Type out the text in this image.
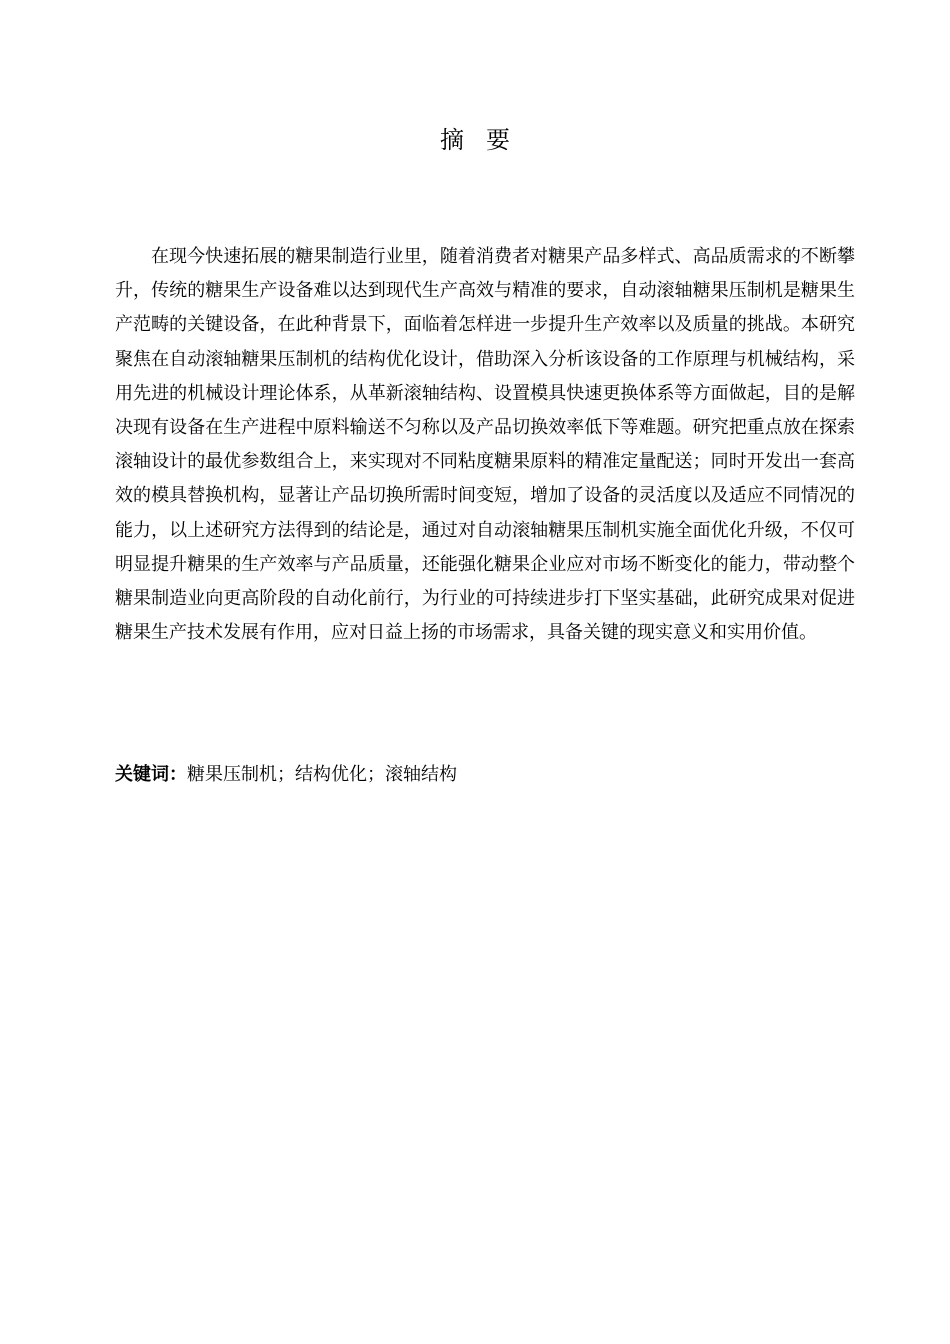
摘 要

在现今快速拓展的糖果制造行业里，随着消费者对糖果产品多样式、高品质需求的不断攀升，传统的糖果生产设备难以达到现代生产高效与精准的要求，自动滚轴糖果压制机是糖果生产范畴的关键设备，在此种背景下，面临着怎样进一步提升生产效率以及质量的挑战。本研究聚焦在自动滚轴糖果压制机的结构优化设计，借助深入分析该设备的工作原理与机械结构，采用先进的机械设计理论体系，从革新滚轴结构、设置模具快速更换体系等方面做起，目的是解决现有设备在生产进程中原料输送不匀称以及产品切换效率低下等难题。研究把重点放在探索滚轴设计的最优参数组合上，来实现对不同粘度糖果原料的精准定量配送；同时开发出一套高效的模具替换机构，显著让产品切换所需时间变短，增加了设备的灵活度以及适应不同情况的能力，以上述研究方法得到的结论是，通过对自动滚轴糖果压制机实施全面优化升级，不仅可明显提升糖果的生产效率与产品质量，还能强化糖果企业应对市场不断变化的能力，带动整个糖果制造业向更高阶段的自动化前行，为行业的可持续进步打下坚实基础，此研究成果对促进糖果生产技术发展有作用，应对日益上扬的市场需求，具备关键的现实意义和实用价值。

关键词：糖果压制机；结构优化；滚轴结构
